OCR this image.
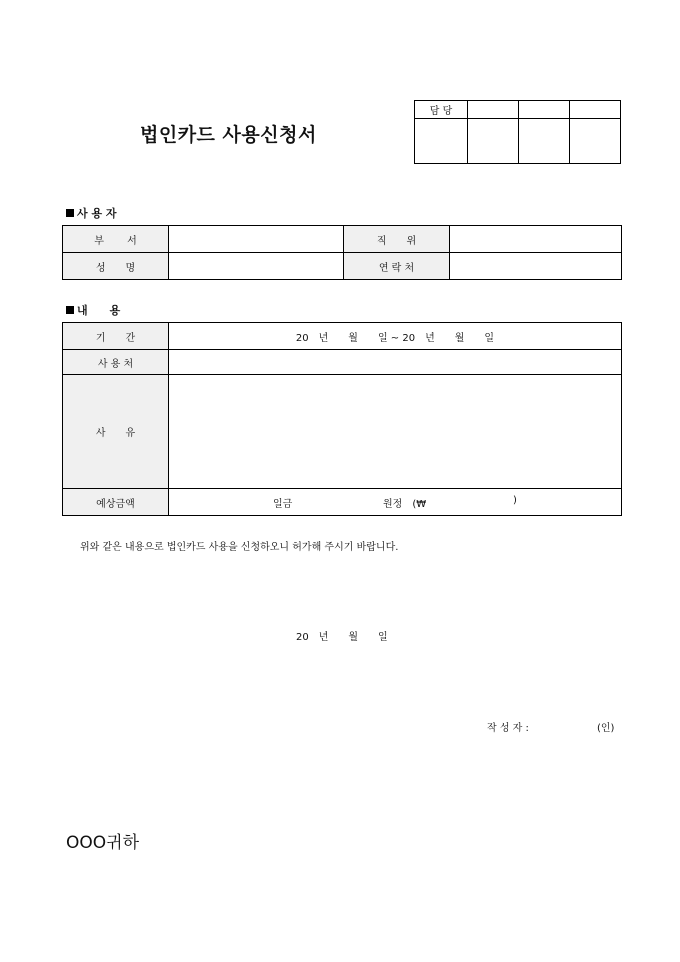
법인카드 사용신청서
담 당			

사 용 자
부　 　서		직　　위	
성　　명		연 락 처	
내　　용
기　　간	20　년　　월　　일 ~ 20　년　　월　　일
사 용 처	
사　　유	
예상금액	일금 원정　(₩ )
위와 같은 내용으로 법인카드 사용을 신청하오니 허가해 주시기 바랍니다.
20　년　　월　　일
작 성 자 :	(인)
OOO귀하
